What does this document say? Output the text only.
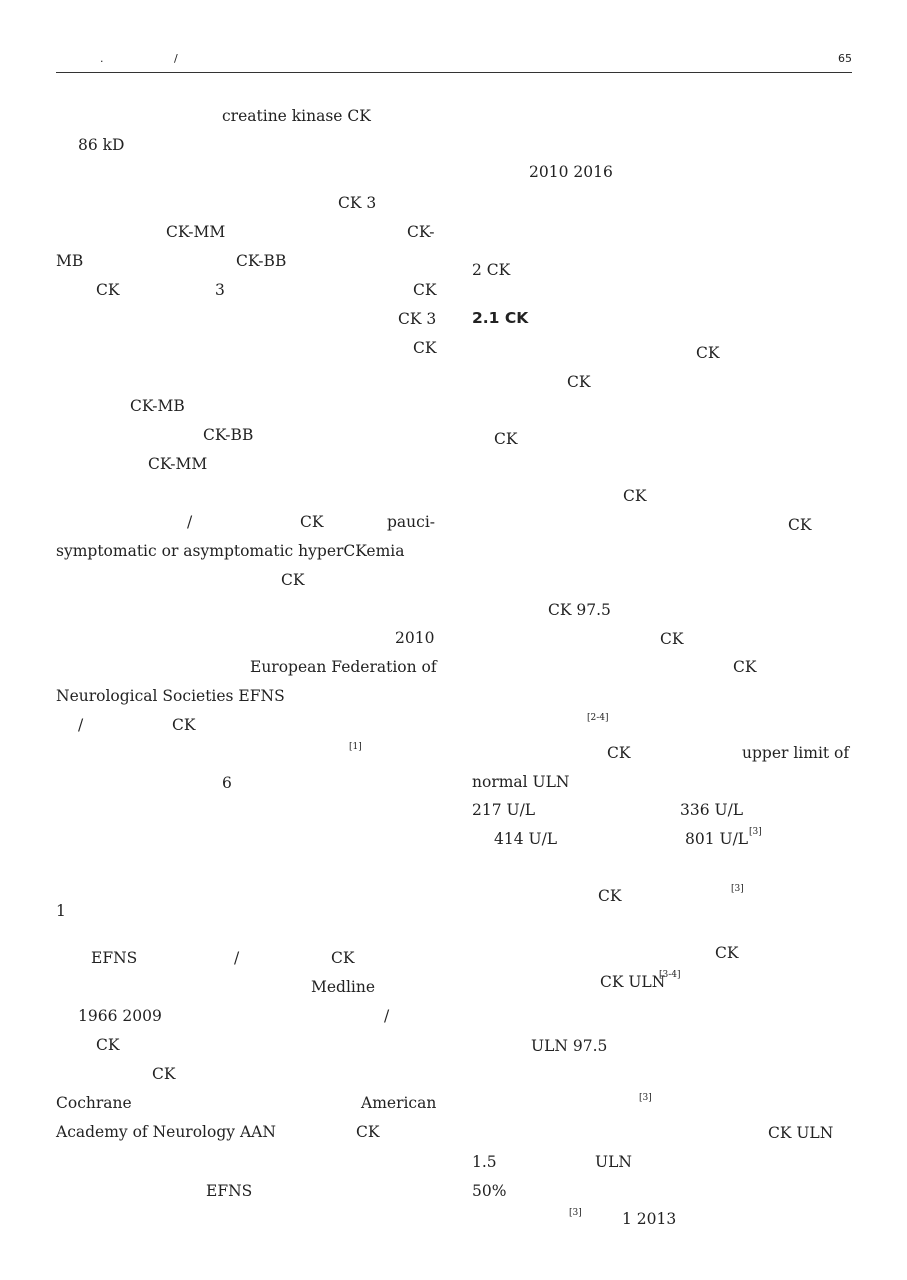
.	/	65
creatine kinase CK
86 kD
CK 3
CK-MM	CK-
MB	CK-BB
CK	3	CK
CK 3
CK
CK-MB
CK-BB
CK-MM
/	CK	pauci-
symptomatic or asymptomatic hyperCKemia
CK
2010
European Federation of
Neurological Societies EFNS
/	CK
[1]
6
1
EFNS	/	CK
Medline
1966 2009	/
CK
CK
Cochrane	American
Academy of Neurology AAN	CK
EFNS
2010 2016
2 CK
2.1 CK
CK
CK
CK
CK
CK
CK 97.5
CK
CK
[2-4]
CK	upper limit of
normal ULN
217 U/L	336 U/L
414 U/L	801 U/L [3]
CK	[3]
CK
CK ULN
[3-4]
ULN 97.5
[3]
CK ULN
1.5	ULN
50%
[3]	1 2013
